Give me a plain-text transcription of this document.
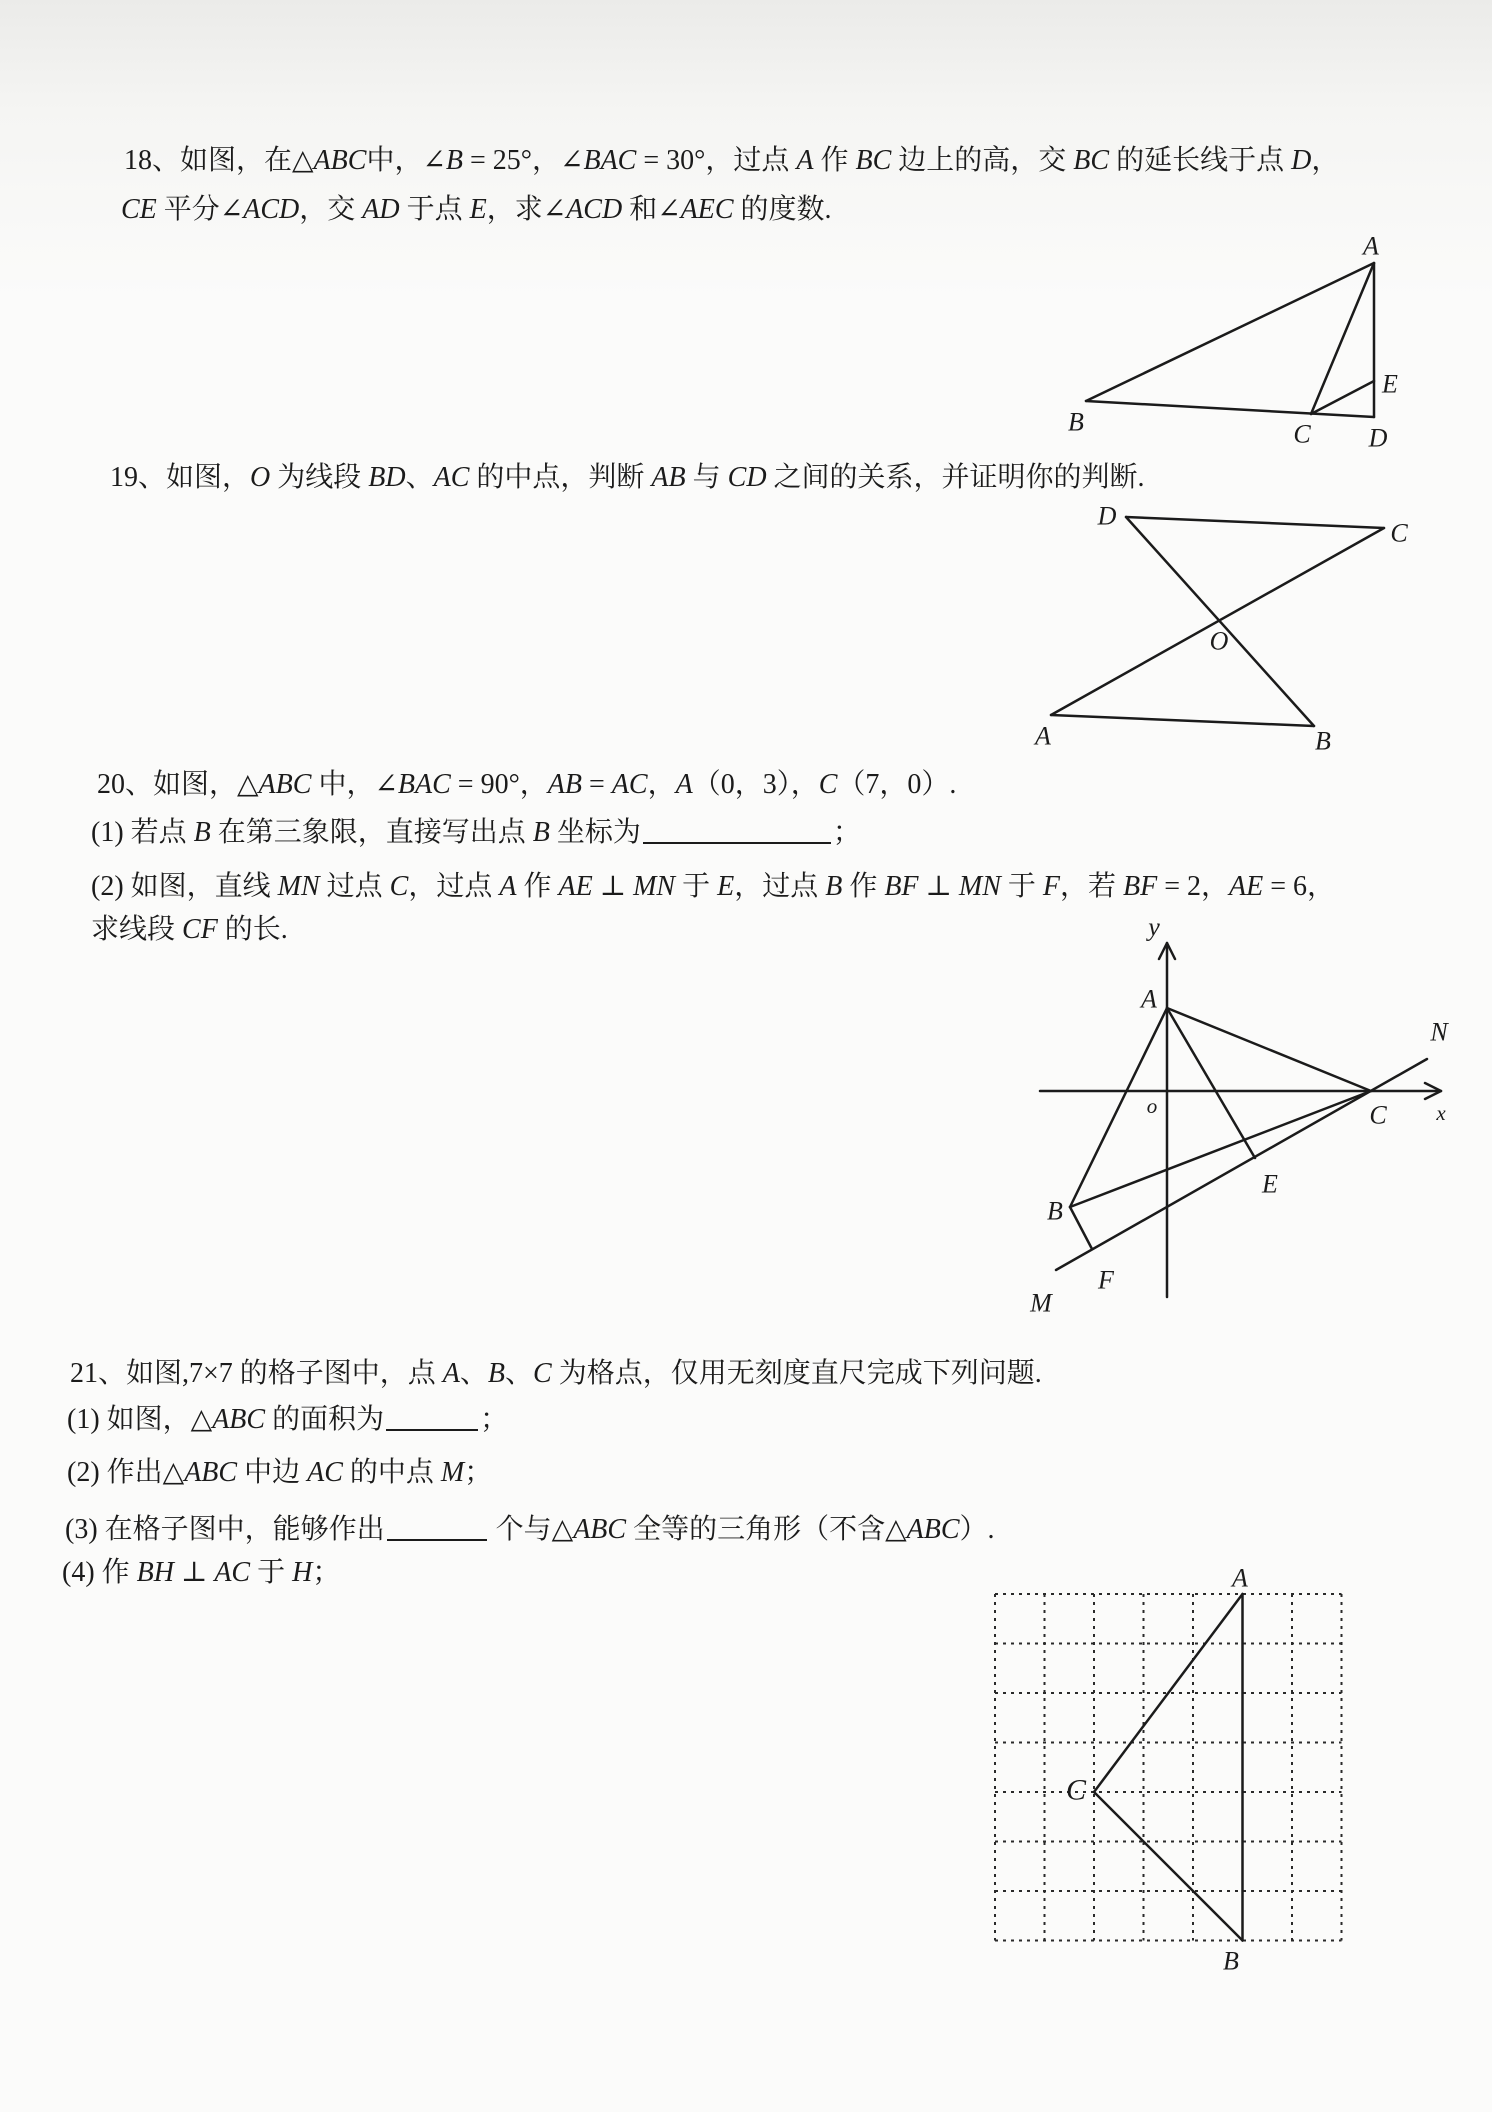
18、如图，在△ABC中，∠B = 25°，∠BAC = 30°，过点 A 作 BC 边上的高，交 BC 的延长线于点 D，
CE 平分∠ACD，交 AD 于点 E，求∠ACD 和∠AEC 的度数.
A
B	C D
E
19、如图，O 为线段 BD、AC 的中点，判断 AB 与 CD 之间的关系，并证明你的判断.
D
C
O
A	B
20、如图，△ABC 中，∠BAC = 90°，AB = AC，A（0，3），C（7，0）.
(1) 若点 B 在第三象限，直接写出点 B 坐标为	；
(2) 如图，直线 MN 过点 C，过点 A 作 AE ⊥ MN 于 E，过点 B 作 BF ⊥ MN 于 F，若 BF = 2，AE = 6，
求线段 CF 的长.	y
A
N
o	C x
E
B
F
M
21、如图,7×7 的格子图中，点 A、B、C 为格点，仅用无刻度直尺完成下列问题.
(1) 如图，△ABC 的面积为	；
(2) 作出△ABC 中边 AC 的中点 M；
(3) 在格子图中，能够作出	个与△ABC 全等的三角形（不含△ABC）.
(4) 作 BH ⊥ AC 于 H；	A
C
B
